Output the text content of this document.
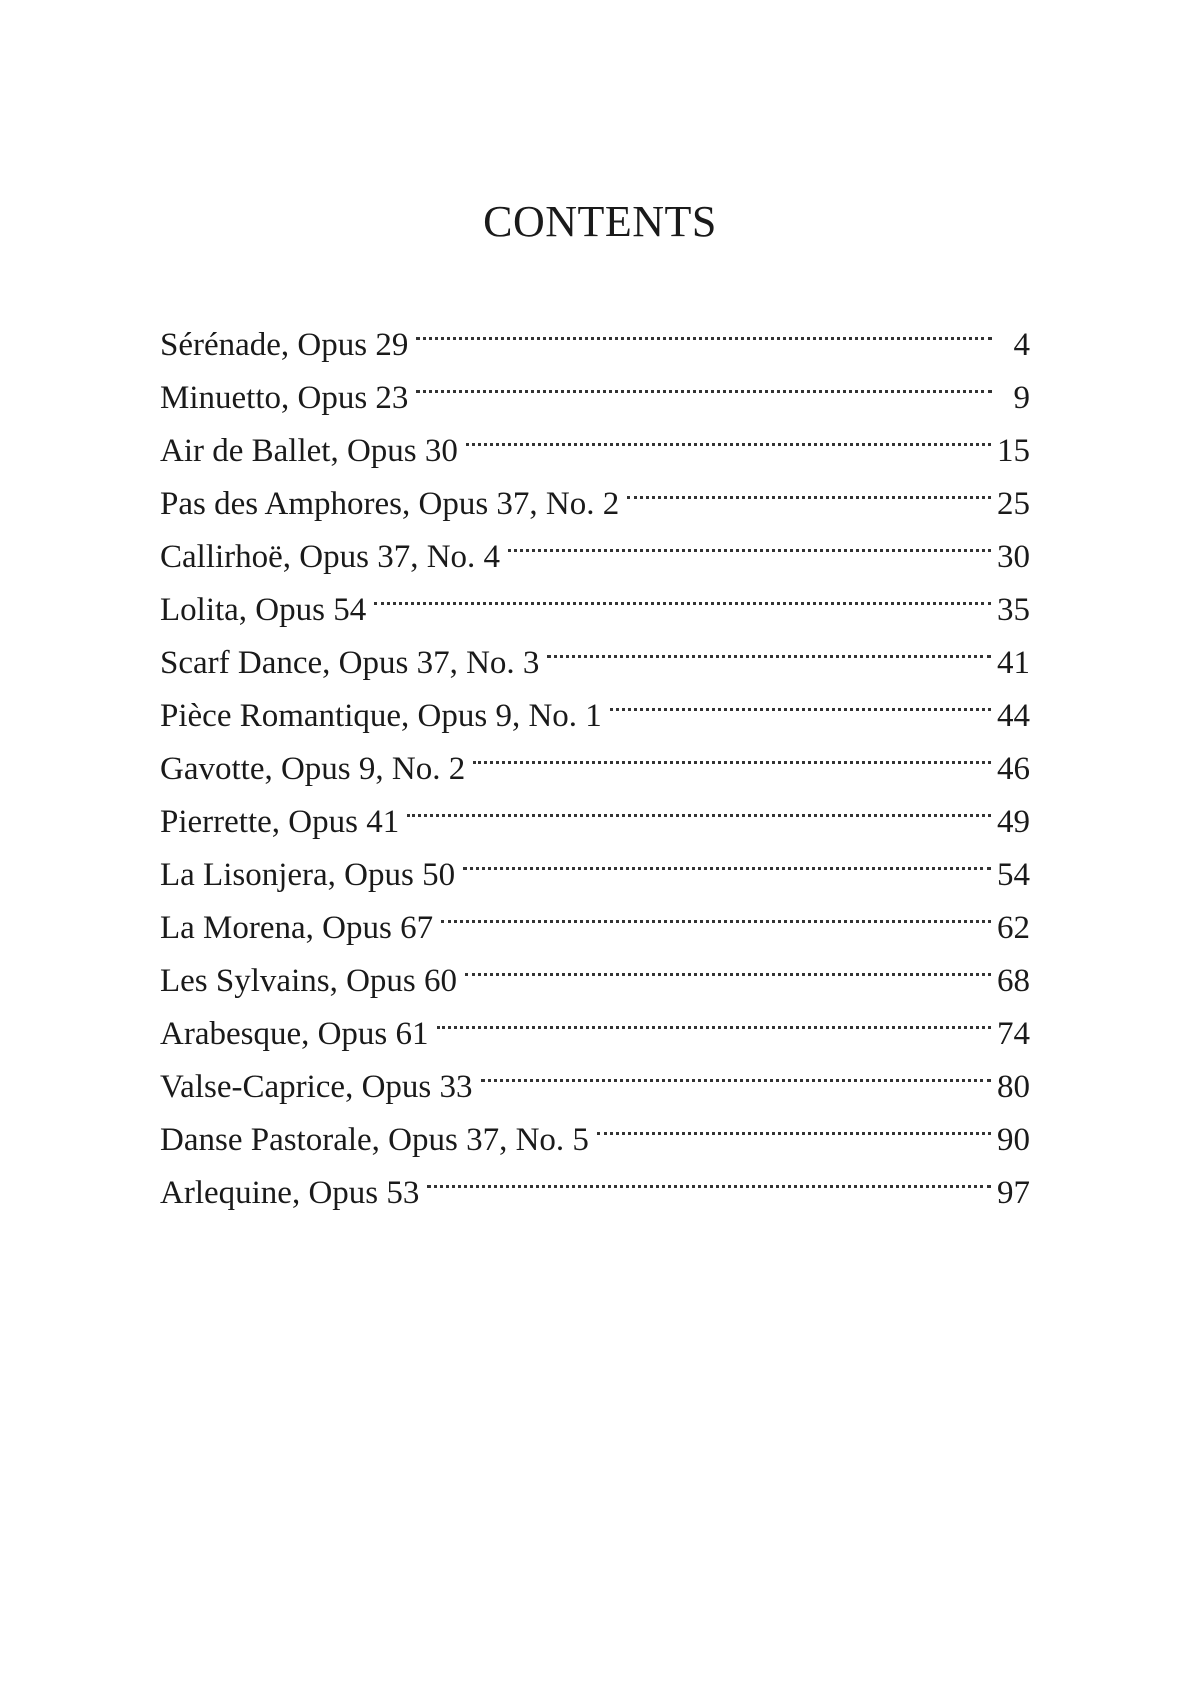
CONTENTS
Sérénade, Opus 29	4
Minuetto, Opus 23	9
Air de Ballet, Opus 30	15
Pas des Amphores, Opus 37, No. 2	25
Callirhoë, Opus 37, No. 4	30
Lolita, Opus 54	35
Scarf Dance, Opus 37, No. 3	41
Pièce Romantique, Opus 9, No. 1	44
Gavotte, Opus 9, No. 2	46
Pierrette, Opus 41	49
La Lisonjera, Opus 50	54
La Morena, Opus 67	62
Les Sylvains, Opus 60	68
Arabesque, Opus 61	74
Valse-Caprice, Opus 33	80
Danse Pastorale, Opus 37, No. 5	90
Arlequine, Opus 53	97
